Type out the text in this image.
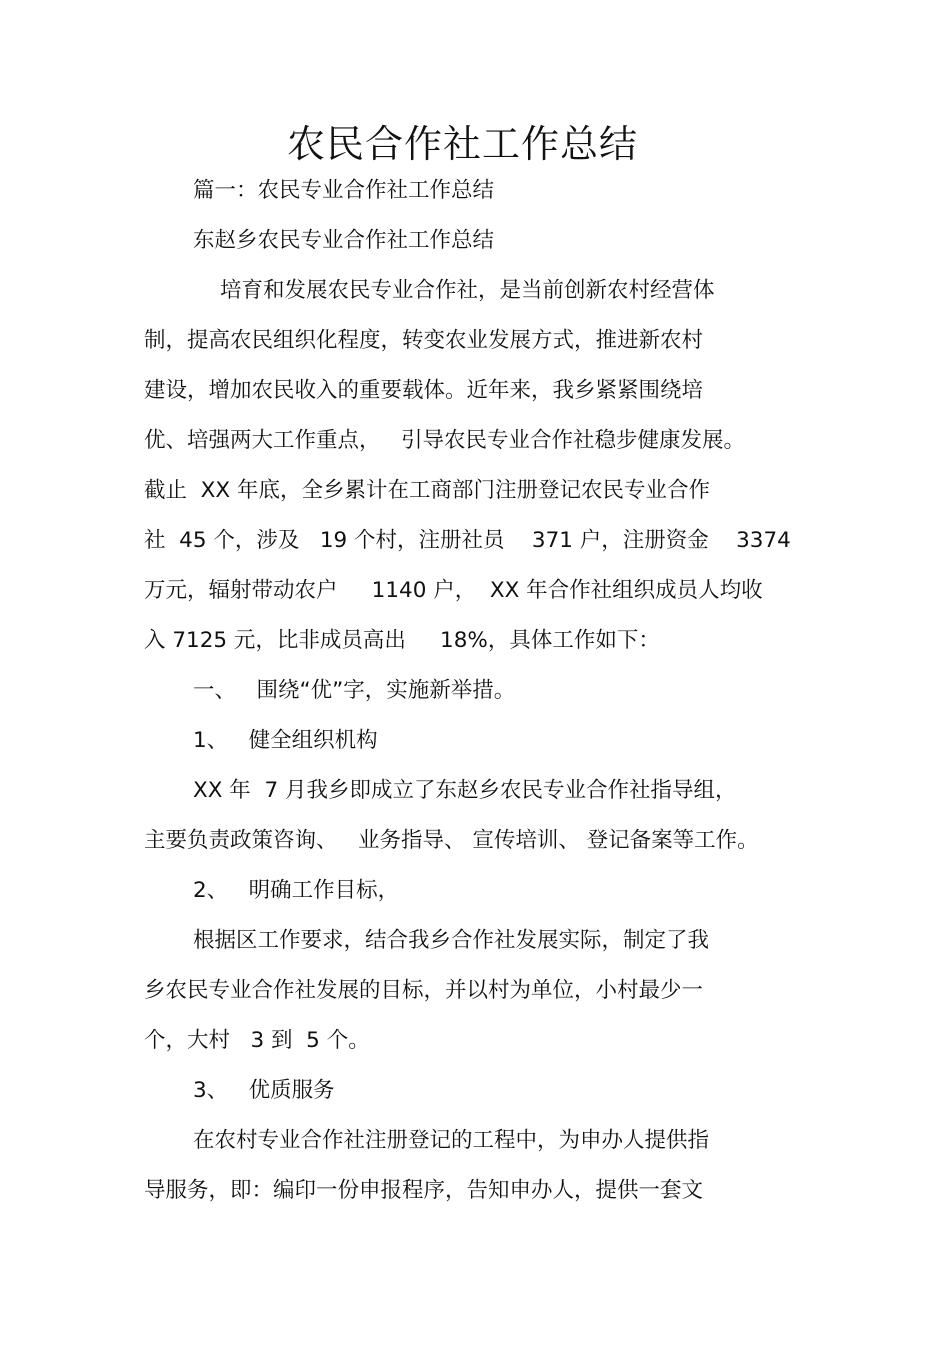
农民合作社工作总结
篇一：农民专业合作社工作总结
东赵乡农民专业合作社工作总结
培育和发展农民专业合作社，是当前创新农村经营体
制，提高农民组织化程度，转变农业发展方式，推进新农村
建设，增加农民收入的重要载体。近年来，我乡紧紧围绕培
优、培强两大工作重点，   引导农民专业合作社稳步健康发展。
截止  XX 年底，全乡累计在工商部门注册登记农民专业合作
社  45 个，涉及   19 个村，注册社员    371 户，注册资金    3374
万元，辐射带动农户     1140 户，  XX 年合作社组织成员人均收
入 7125 元，比非成员高出     18%，具体工作如下：
一、   围绕“优”字，实施新举措。
1、   健全组织机构
XX 年  7 月我乡即成立了东赵乡农民专业合作社指导组，
主要负责政策咨询、   业务指导、 宣传培训、 登记备案等工作。
2、   明确工作目标，
根据区工作要求，结合我乡合作社发展实际，制定了我
乡农民专业合作社发展的目标，并以村为单位，小村最少一
个，大村   3 到  5 个。
3、   优质服务
在农村专业合作社注册登记的工程中，为申办人提供指
导服务，即：编印一份申报程序，告知申办人，提供一套文
